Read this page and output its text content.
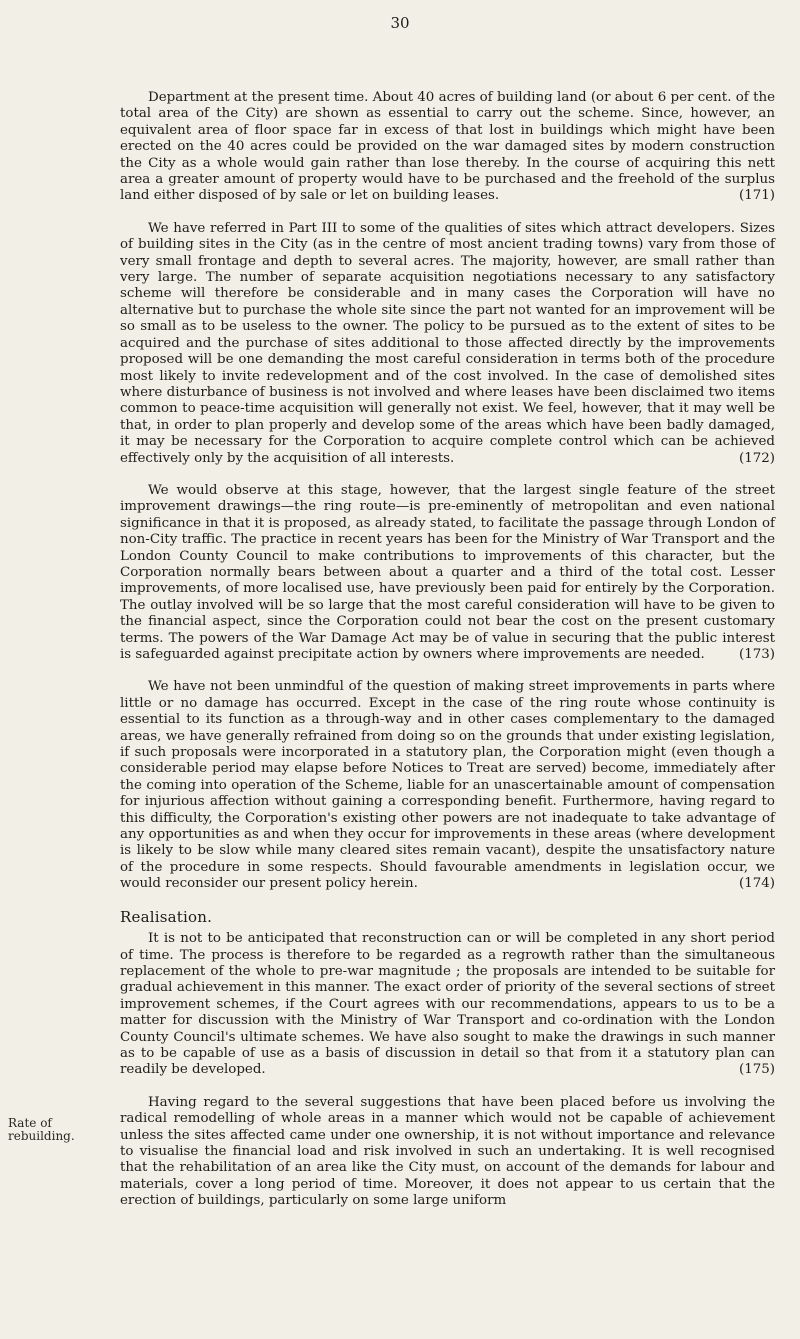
30
Rate of rebuilding.

Department at the present time. About 40 acres of building land (or about 6 per cent. of the total area of the City) are shown as essential to carry out the scheme. Since, however, an equivalent area of floor space far in excess of that lost in buildings which might have been erected on the 40 acres could be provided on the war damaged sites by modern construction the City as a whole would gain rather than lose thereby. In the course of acquiring this nett area a greater amount of property would have to be purchased and the freehold of the surplus land either disposed of by sale or let on building leases.	(171)

We have referred in Part III to some of the qualities of sites which attract developers. Sizes of building sites in the City (as in the centre of most ancient trading towns) vary from those of very small frontage and depth to several acres. The majority, however, are small rather than very large. The number of separate acquisition negotiations necessary to any satisfactory scheme will therefore be considerable and in many cases the Corporation will have no alternative but to purchase the whole site since the part not wanted for an improvement will be so small as to be useless to the owner. The policy to be pursued as to the extent of sites to be acquired and the purchase of sites additional to those affected directly by the improvements proposed will be one demanding the most careful consideration in terms both of the procedure most likely to invite redevelopment and of the cost involved. In the case of demolished sites where disturbance of business is not involved and where leases have been disclaimed two items common to peace-time acquisition will generally not exist. We feel, however, that it may well be that, in order to plan properly and develop some of the areas which have been badly damaged, it may be necessary for the Corporation to acquire complete control which can be achieved effectively only by the acquisition of all interests.	(172)

We would observe at this stage, however, that the largest single feature of the street improvement drawings—the ring route—is pre-eminently of metropolitan and even national significance in that it is proposed, as already stated, to facilitate the passage through London of non-City traffic. The practice in recent years has been for the Ministry of War Transport and the London County Council to make contributions to improvements of this character, but the Corporation normally bears between about a quarter and a third of the total cost. Lesser improvements, of more localised use, have previously been paid for entirely by the Corporation. The outlay involved will be so large that the most careful consideration will have to be given to the financial aspect, since the Corporation could not bear the cost on the present customary terms. The powers of the War Damage Act may be of value in securing that the public interest is safeguarded against precipitate action by owners where improvements are needed.	(173)

We have not been unmindful of the question of making street improvements in parts where little or no damage has occurred. Except in the case of the ring route whose continuity is essential to its function as a through-way and in other cases complementary to the damaged areas, we have generally refrained from doing so on the grounds that under existing legislation, if such proposals were incorporated in a statutory plan, the Corporation might (even though a considerable period may elapse before Notices to Treat are served) become, immediately after the coming into operation of the Scheme, liable for an unascertainable amount of compensation for injurious affection without gaining a corresponding benefit. Furthermore, having regard to this difficulty, the Corporation's existing other powers are not inadequate to take advantage of any opportunities as and when they occur for improvements in these areas (where development is likely to be slow while many cleared sites remain vacant), despite the unsatisfactory nature of the procedure in some respects. Should favourable amendments in legislation occur, we would reconsider our present policy herein.	(174)

Realisation.

It is not to be anticipated that reconstruction can or will be completed in any short period of time. The process is therefore to be regarded as a regrowth rather than the simultaneous replacement of the whole to pre-war magnitude ; the proposals are intended to be suitable for gradual achievement in this manner. The exact order of priority of the several sections of street improvement schemes, if the Court agrees with our recommendations, appears to us to be a matter for discussion with the Ministry of War Transport and co-ordination with the London County Council's ultimate schemes. We have also sought to make the drawings in such manner as to be capable of use as a basis of discussion in detail so that from it a statutory plan can readily be developed.	(175)

Having regard to the several suggestions that have been placed before us involving the radical remodelling of whole areas in a manner which would not be capable of achievement unless the sites affected came under one ownership, it is not without importance and relevance to visualise the financial load and risk involved in such an undertaking. It is well recognised that the rehabilitation of an area like the City must, on account of the demands for labour and materials, cover a long period of time. Moreover, it does not appear to us certain that the erection of buildings, particularly on some large uniform
